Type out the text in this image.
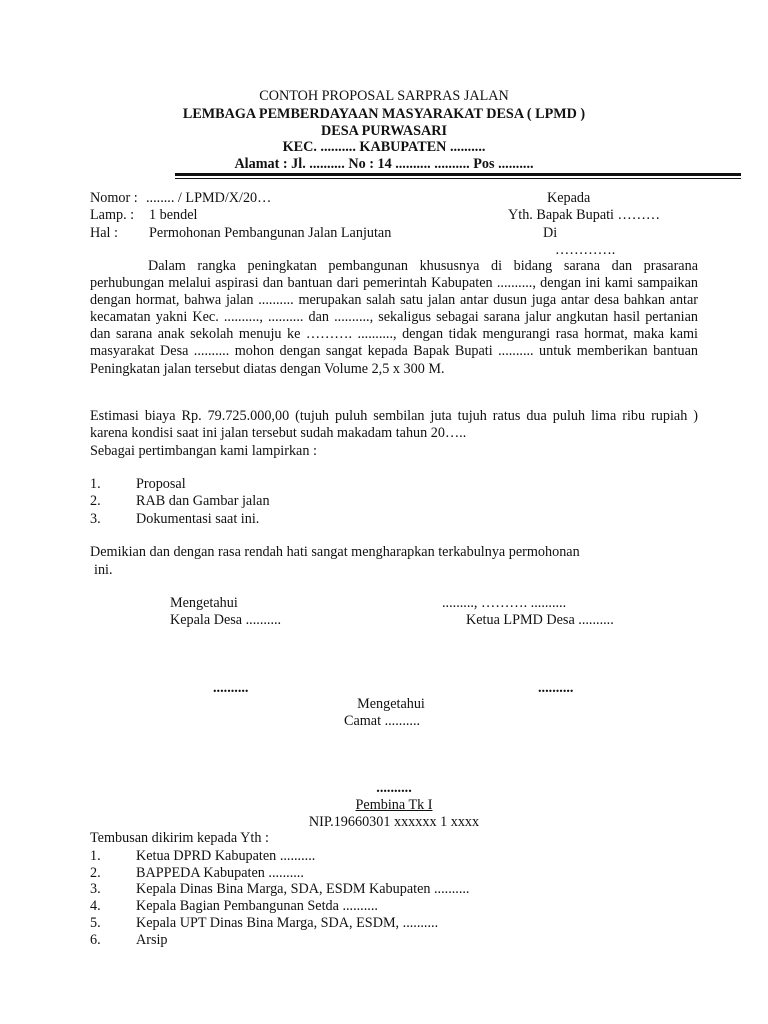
CONTOH PROPOSAL SARPRAS JALAN
LEMBAGA PEMBERDAYAAN MASYARAKAT DESA ( LPMD )
DESA PURWASARI
KEC. .......... KABUPATEN ..........
Alamat : Jl. .......... No : 14 .......... .......... Pos ..........
Nomor : ........ / LPMD/X/20…
Lamp. : 1 bendel
Hal : Permohonan Pembangunan Jalan Lanjutan
Kepada
Yth. Bapak Bupati ………
Di
………….
Dalam rangka peningkatan pembangunan khususnya di bidang sarana dan prasarana perhubungan melalui aspirasi dan bantuan dari pemerintah Kabupaten .........., dengan ini kami sampaikan dengan hormat, bahwa jalan .......... merupakan salah satu jalan antar dusun juga antar desa bahkan antar kecamatan yakni Kec. .........., .......... dan .........., sekaligus sebagai sarana jalur angkutan hasil pertanian dan sarana anak sekolah menuju ke ………. .........., dengan tidak mengurangi rasa hormat, maka kami masyarakat Desa .......... mohon dengan sangat kepada Bapak Bupati .......... untuk memberikan bantuan Peningkatan jalan tersebut diatas dengan Volume 2,5 x 300 M.
Estimasi biaya Rp. 79.725.000,00 (tujuh puluh sembilan juta tujuh ratus dua puluh lima ribu rupiah ) karena kondisi saat ini jalan tersebut sudah makadam tahun 20…..
Sebagai pertimbangan kami lampirkan :
1. Proposal
2. RAB dan Gambar jalan
3. Dokumentasi saat ini.
Demikian dan dengan rasa rendah hati sangat mengharapkan terkabulnya permohonan
ini.
Mengetahui
Kepala Desa ..........
........., ………. ..........
Ketua LPMD Desa ..........
..........	..........
Mengetahui
Camat ..........
..........
Pembina Tk I
NIP.19660301 xxxxxx 1 xxxx
Tembusan dikirim kepada Yth :
1. Ketua DPRD Kabupaten ..........
2. BAPPEDA Kabupaten ..........
3. Kepala Dinas Bina Marga, SDA, ESDM Kabupaten ..........
4. Kepala Bagian Pembangunan Setda ..........
5. Kepala UPT Dinas Bina Marga, SDA, ESDM, ..........
6. Arsip
